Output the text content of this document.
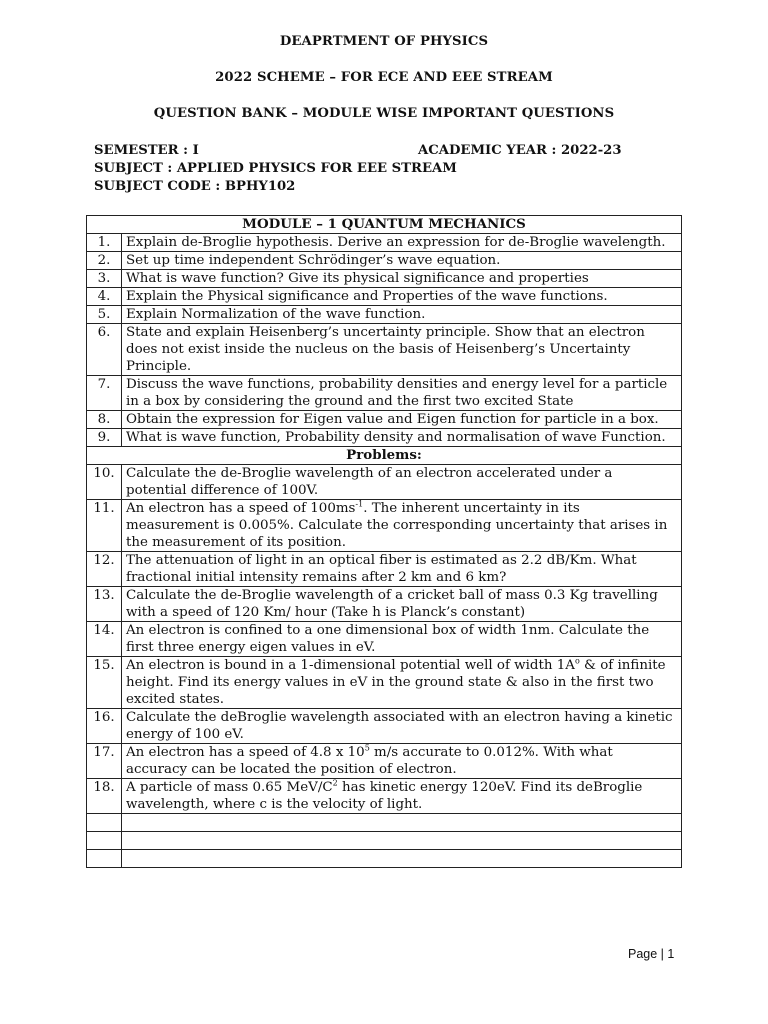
DEAPRTMENT OF PHYSICS
2022 SCHEME – FOR ECE AND EEE STREAM
QUESTION BANK – MODULE WISE IMPORTANT QUESTIONS
SEMESTER : I	ACADEMIC YEAR : 2022-23
SUBJECT : APPLIED PHYSICS FOR EEE STREAM
SUBJECT CODE : BPHY102
MODULE – 1 QUANTUM MECHANICS	
1.	Explain de-Broglie hypothesis. Derive an expression for de-Broglie wavelength.
2.	Set up time independent Schrödinger’s wave equation.
3.	What is wave function? Give its physical significance and properties
4.	Explain the Physical significance and Properties of the wave functions.
5.	Explain Normalization of the wave function.
6.	State and explain Heisenberg’s uncertainty principle. Show that an electron does not exist inside the nucleus on the basis of Heisenberg’s Uncertainty Principle.
7.	Discuss the wave functions, probability densities and energy level for a particle in a box by considering the ground and the first two excited State
8.	Obtain the expression for Eigen value and Eigen function for particle in a box.
9.	What is wave function, Probability density and normalisation of wave Function.
Problems:	
10.	Calculate the de-Broglie wavelength of an electron accelerated under a potential difference of 100V.
11.	An electron has a speed of $100ms^{-1}$. The inherent uncertainty in its measurement is 0.005%. Calculate the corresponding uncertainty that arises in the measurement of its position.
12.	The attenuation of light in an optical fiber is estimated as 2.2 dB/Km. What fractional initial intensity remains after 2 km and 6 km?
13.	Calculate the de-Broglie wavelength of a cricket ball of mass 0.3 Kg travelling with a speed of 120 Km/ hour (Take h is Planck’s constant)
14.	An electron is confined to a one dimensional box of width 1nm. Calculate the first three energy eigen values in eV.
15.	An electron is bound in a 1-dimensional potential well of width $1A^o$ & of infinite height. Find its energy values in eV in the ground state & also in the first two excited states.
16.	Calculate the deBroglie wavelength associated with an electron having a kinetic energy of 100 eV.
17.	An electron has a speed of 4.8 x $10^5$ m/s accurate to 0.012%. With what accuracy can be located the position of electron.
18.	A particle of mass 0.65 MeV/$C^2$ has kinetic energy 120eV. Find its deBroglie wavelength, where c is the velocity of light.

Page | 1
